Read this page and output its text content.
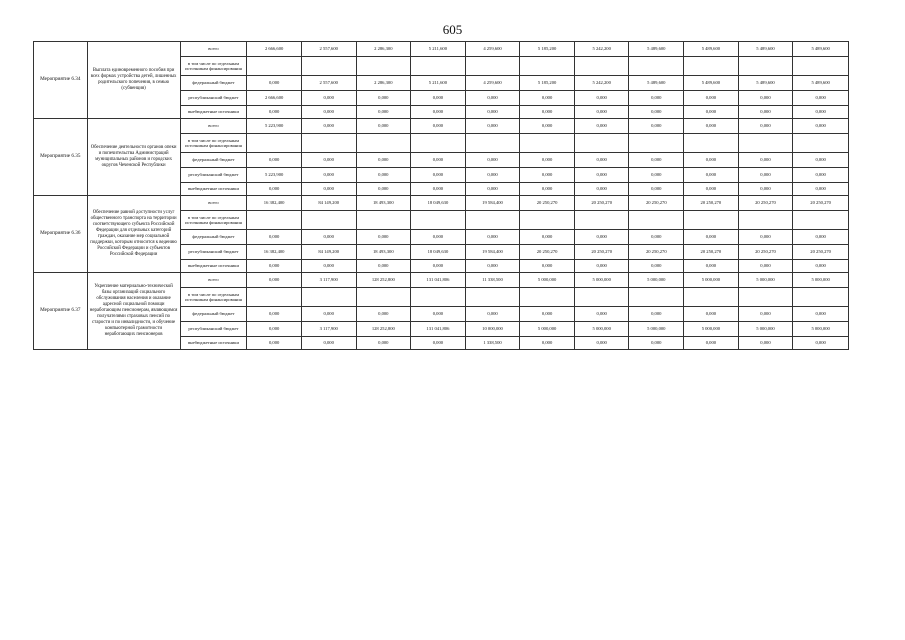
605
Мероприятие 6.34	Выплата единовременного пособия при всех формах устройства детей, лишенных родительского попечения, в семью (субвенция)	всего	2 666,600	2 557,600	2 286,300	5 211,600	4 259,600	5 185,200	5 242,200	5 489,600	5 489,600	5 489,600	5 489,600
		в том числе по отдельным источникам финансирования											
		федеральный бюджет	0,000	2 557,600	2 286,300	5 211,600	4 259,600	5 185,200	5 242,200	5 489,600	5 489,600	5 489,600	5 489,600
		республиканский бюджет	2 666,600	0,000	0,000	0,000	0,000	0,000	0,000	0,000	0,000	0,000	0,000
		внебюджетные источники	0,000	0,000	0,000	0,000	0,000	0,000	0,000	0,000	0,000	0,000	0,000
Мероприятие 6.35	Обеспечение деятельности органов опеки и попечительства Администраций муниципальных районов и городских округов Чеченской Республики	всего	5 223,900	0,000	0,000	0,000	0,000	0,000	0,000	0,000	0,000	0,000	0,000
		в том числе по отдельным источникам финансирования											
		федеральный бюджет	0,000	0,000	0,000	0,000	0,000	0,000	0,000	0,000	0,000	0,000	0,000
		республиканский бюджет	5 223,900	0,000	0,000	0,000	0,000	0,000	0,000	0,000	0,000	0,000	0,000
		внебюджетные источники	0,000	0,000	0,000	0,000	0,000	0,000	0,000	0,000	0,000	0,000	0,000
Мероприятие 6.36	Обеспечение равной доступности услуг общественного транспорта на территории соответствующего субъекта Российской Федерации для отдельных категорий граждан, оказание мер социальной поддержки, которым относится к ведению Российской Федерации и субъектов Российской Федерации	всего	16 382,400	84 149,200	18 493,300	18 049,630	19 584,400	20 250,270	20 250,270	20 250,270	20 250,270	20 250,270	20 250,270
		в том числе по отдельным источникам финансирования											
		федеральный бюджет	0,000	0,000	0,000	0,000	0,000	0,000	0,000	0,000	0,000	0,000	0,000
		республиканский бюджет	16 382,400	84 149,200	18 493,300	18 049,630	19 584,400	20 250,270	20 250,270	20 250,270	20 250,270	20 250,270	20 250,270
		внебюджетные источники	0,000	0,000	0,000	0,000	0,000	0,000	0,000	0,000	0,000	0,000	0,000
Мероприятие 6.37	Укрепление материально-технической базы организаций социального обслуживания населения и оказание адресной социальной помощи неработающим пенсионерам, являющимся получателями страховых пенсий по старости и по инвалидности, и обучение компьютерной грамотности неработающих пенсионеров	всего	0,000	3 117,900	128 252,800	131 041,806	11 338,500	5 000,000	5 000,000	5 000,000	5 000,000	5 000,000	5 000,000
		в том числе по отдельным источникам финансирования											
		федеральный бюджет	0,000	0,000	0,000	0,000	0,000	0,000	0,000	0,000	0,000	0,000	0,000
		республиканский бюджет	0,000	3 117,900	128 252,800	131 041,806	10 000,000	5 000,000	5 000,000	5 000,000	5 000,000	5 000,000	5 000,000
		внебюджетные источники	0,000	0,000	0,000	0,000	1 338,500	0,000	0,000	0,000	0,000	0,000	0,000
